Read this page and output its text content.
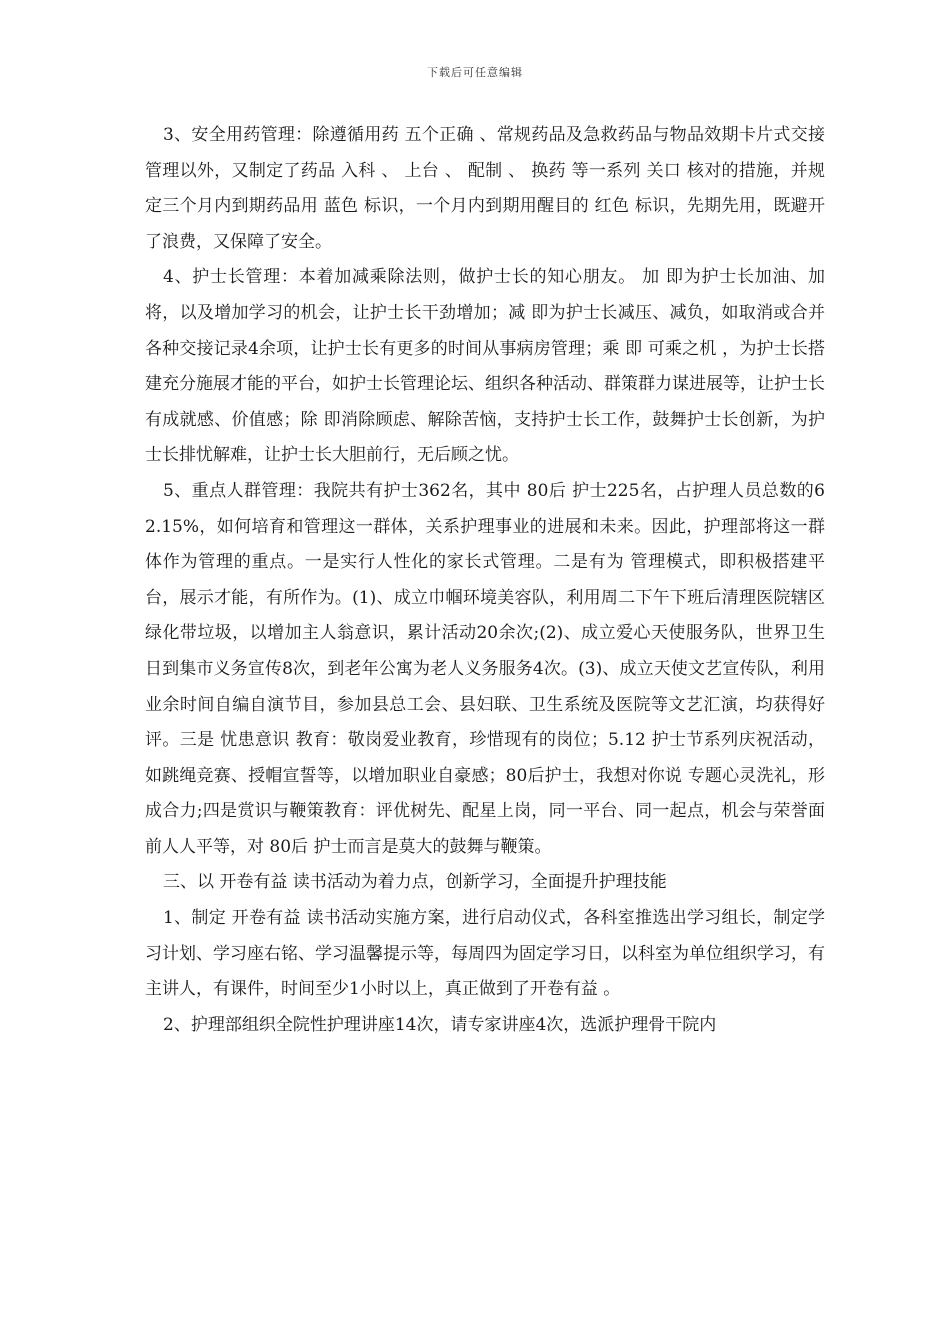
下载后可任意编辑

3、安全用药管理：除遵循用药 五个正确 、常规药品及急救药品与物品效期卡片式交接管理以外，又制定了药品 入科 、 上台 、 配制 、 换药 等一系列 关口 核对的措施，并规定三个月内到期药品用 蓝色 标识，一个月内到期用醒目的 红色 标识，先期先用，既避开了浪费，又保障了安全。

4、护士长管理：本着加减乘除法则，做护士长的知心朋友。 加 即为护士长加油、加将，以及增加学习的机会，让护士长干劲增加；减 即为护士长减压、减负，如取消或合并各种交接记录4余项，让护士长有更多的时间从事病房管理；乘 即 可乘之机 ，为护士长搭建充分施展才能的平台，如护士长管理论坛、组织各种活动、群策群力谋进展等，让护士长有成就感、价值感；除 即消除顾虑、解除苦恼，支持护士长工作，鼓舞护士长创新，为护士长排忧解难，让护士长大胆前行，无后顾之忧。

5、重点人群管理：我院共有护士362名，其中 80后 护士225名，占护理人员总数的62.15%，如何培育和管理这一群体，关系护理事业的进展和未来。因此，护理部将这一群体作为管理的重点。一是实行人性化的家长式管理。二是有为 管理模式，即积极搭建平台，展示才能，有所作为。(1)、成立巾帼环境美容队，利用周二下午下班后清理医院辖区绿化带垃圾，以增加主人翁意识，累计活动20余次;(2)、成立爱心天使服务队，世界卫生日到集市义务宣传8次，到老年公寓为老人义务服务4次。(3)、成立天使文艺宣传队，利用业余时间自编自演节目，参加县总工会、县妇联、卫生系统及医院等文艺汇演，均获得好评。三是 忧患意识 教育：敬岗爱业教育，珍惜现有的岗位；5.12 护士节系列庆祝活动，如跳绳竞赛、授帽宣誓等，以增加职业自豪感；80后护士，我想对你说 专题心灵洗礼，形成合力;四是赏识与鞭策教育：评优树先、配星上岗，同一平台、同一起点，机会与荣誉面前人人平等，对 80后 护士而言是莫大的鼓舞与鞭策。

三、以 开卷有益 读书活动为着力点，创新学习，全面提升护理技能

1、制定 开卷有益 读书活动实施方案，进行启动仪式，各科室推选出学习组长，制定学习计划、学习座右铭、学习温馨提示等，每周四为固定学习日，以科室为单位组织学习，有主讲人，有课件，时间至少1小时以上，真正做到了开卷有益 。

2、护理部组织全院性护理讲座14次，请专家讲座4次，选派护理骨干院内
